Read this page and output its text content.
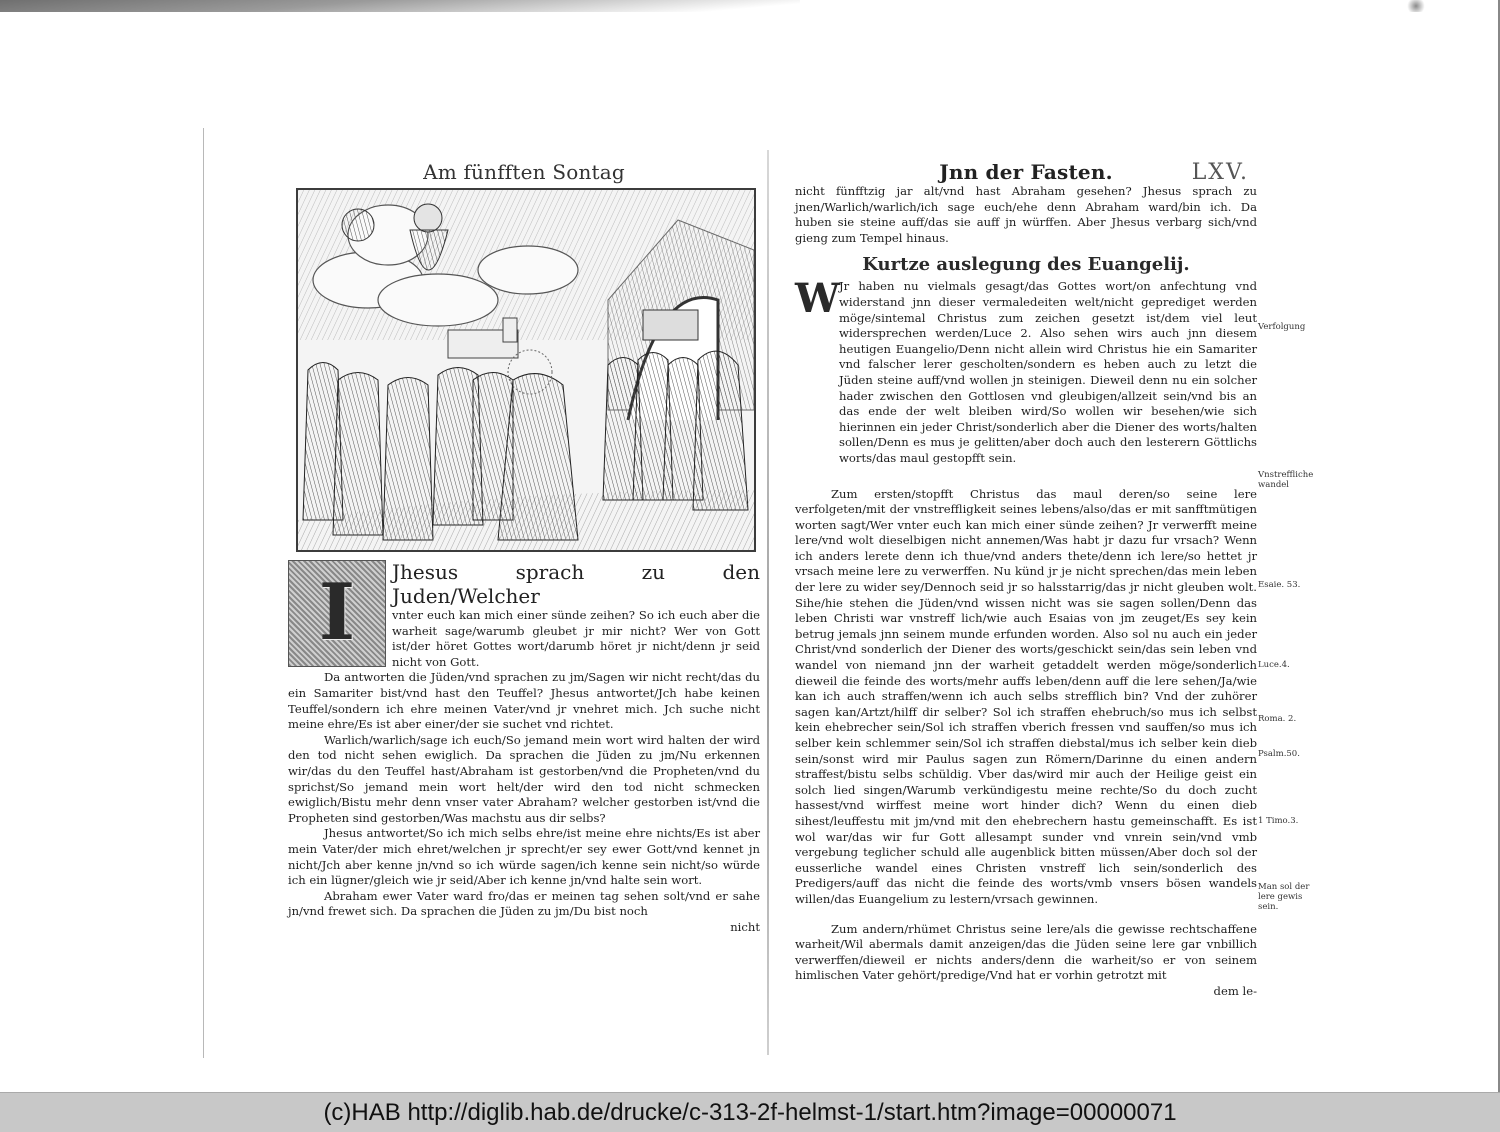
Am fünfften Sontag
I	Jhesus sprach zu den Juden/Welcher

vnter euch kan mich einer sünde zeihen? So ich euch aber die warheit sage/warumb gleubet jr mir nicht? Wer von Gott ist/der höret Gottes wort/darumb höret jr nicht/denn jr seid nicht von Gott.

Da antworten die Jüden/vnd sprachen zu jm/Sagen wir nicht recht/das du ein Samariter bist/vnd hast den Teuffel? Jhesus antwortet/Jch habe keinen Teuffel/sondern ich ehre meinen Vater/vnd jr vnehret mich. Jch suche nicht meine ehre/Es ist aber einer/der sie suchet vnd richtet.

Warlich/warlich/sage ich euch/So jemand mein wort wird halten der wird den tod nicht sehen ewiglich. Da sprachen die Jüden zu jm/Nu erkennen wir/das du den Teuffel hast/Abraham ist gestorben/vnd die Propheten/vnd du sprichst/So jemand mein wort helt/der wird den tod nicht schmecken ewiglich/Bistu mehr denn vnser vater Abraham? welcher gestorben ist/vnd die Propheten sind gestorben/Was machstu aus dir selbs?

Jhesus antwortet/So ich mich selbs ehre/ist meine ehre nichts/Es ist aber mein Vater/der mich ehret/welchen jr sprecht/er sey ewer Gott/vnd kennet jn nicht/Jch aber kenne jn/vnd so ich würde sagen/ich kenne sein nicht/so würde ich ein lügner/gleich wie jr seid/Aber ich kenne jn/vnd halte sein wort.

Abraham ewer Vater ward fro/das er meinen tag sehen solt/vnd er sahe jn/vnd frewet sich. Da sprachen die Jüden zu jm/Du bist noch

nicht

Jnn der Fasten.	LXV.

nicht fünfftzig jar alt/vnd hast Abraham gesehen? Jhesus sprach zu jnen/Warlich/warlich/ich sage euch/ehe denn Abraham ward/bin ich. Da huben sie steine auff/das sie auff jn würffen. Aber Jhesus verbarg sich/vnd gieng zum Tempel hinaus.

Kurtze auslegung des Euangelij.
W Jr haben nu vielmals gesagt/das Gottes wort/on anfechtung vnd widerstand jnn dieser vermaledeiten welt/nicht geprediget werden möge/sintemal Christus zum zeichen gesetzt ist/dem viel leut widersprechen werden/Luce 2. Also sehen wirs auch jnn diesem heutigen Euangelio/Denn nicht allein wird Christus hie ein Samariter vnd falscher lerer gescholten/sondern es heben auch zu letzt die Jüden steine auff/vnd wollen jn steinigen. Dieweil denn nu ein solcher hader zwischen den Gottlosen vnd gleubigen/allzeit sein/vnd bis an das ende der welt bleiben wird/So wollen wir besehen/wie sich hierinnen ein jeder Christ/sonderlich aber die Diener des worts/halten sollen/Denn es mus je gelitten/aber doch auch den lesterern Göttlichs worts/das maul gestopfft sein.

Zum ersten/stopfft Christus das maul deren/so seine lere verfolgeten/mit der vnstreffligkeit seines lebens/also/das er mit sanfftmütigen worten sagt/Wer vnter euch kan mich einer sünde zeihen? Jr verwerfft meine lere/vnd wolt dieselbigen nicht annemen/Was habt jr dazu fur vrsach? Wenn ich anders lerete denn ich thue/vnd anders thete/denn ich lere/so hettet jr vrsach meine lere zu verwerffen. Nu künd jr je nicht sprechen/das mein leben der lere zu wider sey/Dennoch seid jr so halsstarrig/das jr nicht gleuben wolt. Sihe/hie stehen die Jüden/vnd wissen nicht was sie sagen sollen/Denn das leben Christi war vnstreff lich/wie auch Esaias von jm zeuget/Es sey kein betrug jemals jnn seinem munde erfunden worden. Also sol nu auch ein jeder Christ/vnd sonderlich der Diener des worts/geschickt sein/das sein leben vnd wandel von niemand jnn der warheit getaddelt werden möge/sonderlich dieweil die feinde des worts/mehr auffs leben/denn auff die lere sehen/Ja/wie kan ich auch straffen/wenn ich auch selbs strefflich bin? Vnd der zuhörer sagen kan/Artzt/hilff dir selber? Sol ich straffen ehebruch/so mus ich selbst kein ehebrecher sein/Sol ich straffen vberich fressen vnd sauffen/so mus ich selber kein schlemmer sein/Sol ich straffen diebstal/mus ich selber kein dieb sein/sonst wird mir Paulus sagen zun Römern/Darinne du einen andern straffest/bistu selbs schüldig. Vber das/wird mir auch der Heilige geist ein solch lied singen/Warumb verkündigestu meine rechte/So du doch zucht hassest/vnd wirffest meine wort hinder dich? Wenn du einen dieb sihest/leuffestu mit jm/vnd mit den ehebrechern hastu gemeinschafft. Es ist wol war/das wir fur Gott allesampt sunder vnd vnrein sein/vnd vmb vergebung teglicher schuld alle augenblick bitten müssen/Aber doch sol der eusserliche wandel eines Christen vnstreff lich sein/sonderlich des Predigers/auff das nicht die feinde des worts/vmb vnsers bösen wandels willen/das Euangelium zu lestern/vrsach gewinnen.

Zum andern/rhümet Christus seine lere/als die gewisse rechtschaffene warheit/Wil abermals damit anzeigen/das die Jüden seine lere gar vnbillich verwerffen/dieweil er nichts anders/denn die warheit/so er von seinem himlischen Vater gehört/predige/Vnd hat er vorhin getrotzt mit

dem le-

Verfolgung
Vnstreffliche wandel
Esaie. 53.
Luce.4.
Roma. 2.
Psalm.50.
1 Timo.3.
Man sol der lere gewis sein.
(c)HAB http://diglib.hab.de/drucke/c-313-2f-helmst-1/start.htm?image=00000071
